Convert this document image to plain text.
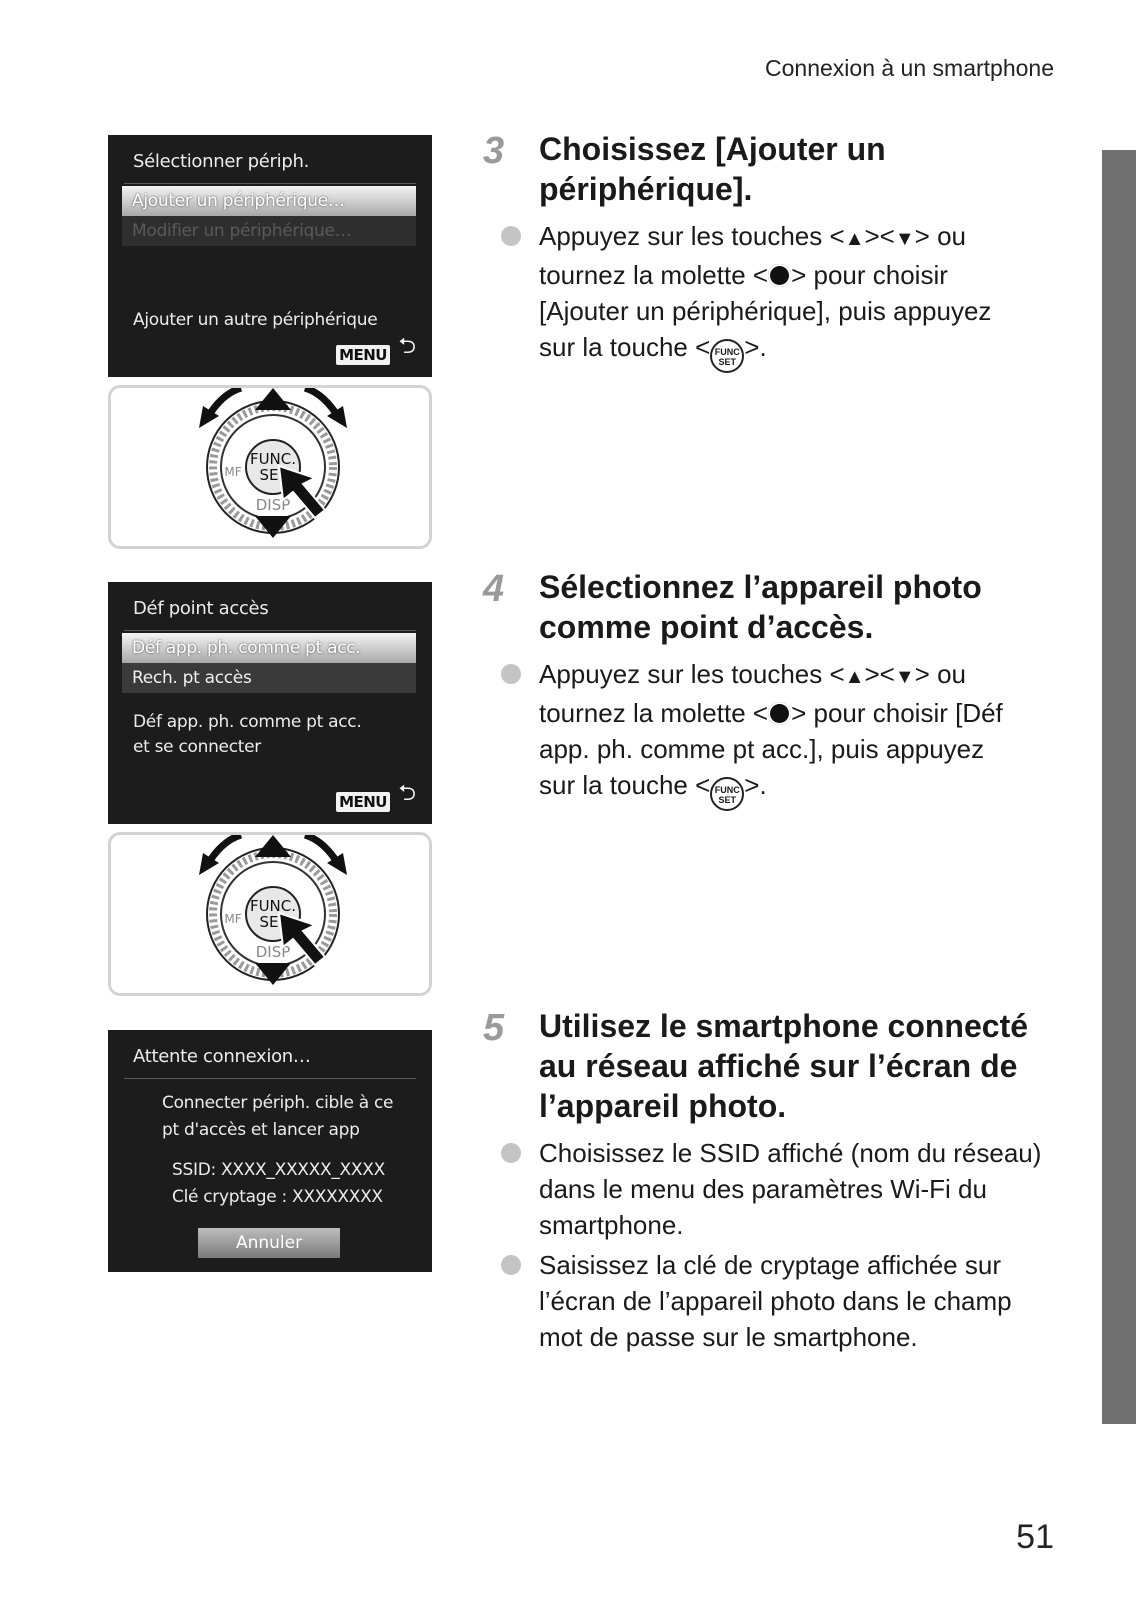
Connexion à un smartphone
51
Sélectionner périph.
Ajouter un périphérique…
Modifier un périphérique…
Ajouter un autre périphérique
MENU ⮌
FUNC.
SE
DISP
MF
Déf point accès
Déf app. ph. comme pt acc.
Rech. pt accès
Déf app. ph. comme pt acc.
et se connecter
MENU ⮌
FUNC.
SE
DISP
MF
Attente connexion…
Connecter périph. cible à ce
pt d'accès et lancer app
SSID: XXXX_XXXXX_XXXX
Clé cryptage : XXXXXXXX
Annuler
3 Choisissez [Ajouter un périphérique].
Appuyez sur les touches <▲><▼> ou
tournez la molette < > pour choisir
[Ajouter un périphérique], puis appuyez
sur la touche < FUNC
SET >.
4 Sélectionnez l’appareil photo comme point d’accès.
Appuyez sur les touches <▲><▼> ou
tournez la molette < > pour choisir [Déf
app. ph. comme pt acc.], puis appuyez
sur la touche < FUNC
SET >.
5 Utilisez le smartphone connecté au réseau affiché sur l’écran de l’appareil photo.
Choisissez le SSID affiché (nom du réseau) dans le menu des paramètres Wi-Fi du smartphone.
Saisissez la clé de cryptage affichée sur l’écran de l’appareil photo dans le champ mot de passe sur le smartphone.
